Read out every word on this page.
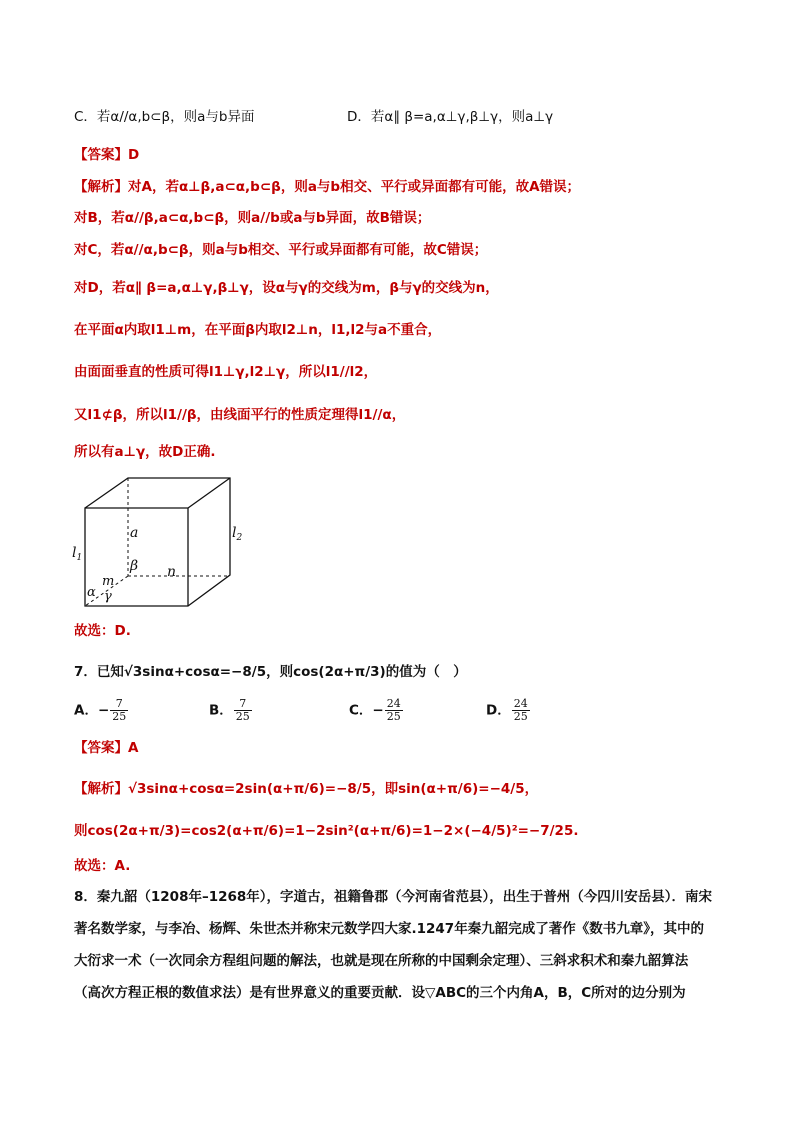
C．若α//α,b⊂β，则a与b异面	D．若α∥ β=a,α⊥γ,β⊥γ，则a⊥γ
【答案】D
【解析】对A，若α⊥β,a⊂α,b⊂β，则a与b相交、平行或异面都有可能，故A错误；
对B，若α//β,a⊂α,b⊂β，则a//b或a与b异面，故B错误；
对C，若α//α,b⊂β，则a与b相交、平行或异面都有可能，故C错误；
对D，若α∥ β=a,α⊥γ,β⊥γ，设α与γ的交线为m，β与γ的交线为n，
在平面α内取l1⊥m，在平面β内取l2⊥n，l1,l2与a不重合，
由面面垂直的性质可得l1⊥γ,l2⊥γ，所以l1//l2，
又l1⊄β，所以l1//β，由线面平行的性质定理得l1//α，
所以有a⊥γ，故D正确.
a	$l_2$
$l_1$	β n
m
α γ
故选：D.
7．已知√3sinα+cosα=−8/5，则cos(2α+π/3)的值为（　）
A．− $\frac{7}{25}$	B． $\frac{7}{25}$	C．− $\frac{24}{25}$	D． $\frac{24}{25}$
【答案】A
【解析】√3sinα+cosα=2sin(α+π/6)=−8/5，即sin(α+π/6)=−4/5，
则cos(2α+π/3)=cos2(α+π/6)=1−2sin²(α+π/6)=1−2×(−4/5)²=−7/25.
故选：A.
8．秦九韶（1208年–1268年），字道古，祖籍鲁郡（今河南省范县），出生于普州（今四川安岳县）．南宋
著名数学家，与李冶、杨辉、朱世杰并称宋元数学四大家.1247年秦九韶完成了著作《数书九章》，其中的
大衍求一术（一次同余方程组问题的解法，也就是现在所称的中国剩余定理）、三斜求积术和秦九韶算法
（高次方程正根的数值求法）是有世界意义的重要贡献．设▽ABC的三个内角A，B，C所对的边分别为
